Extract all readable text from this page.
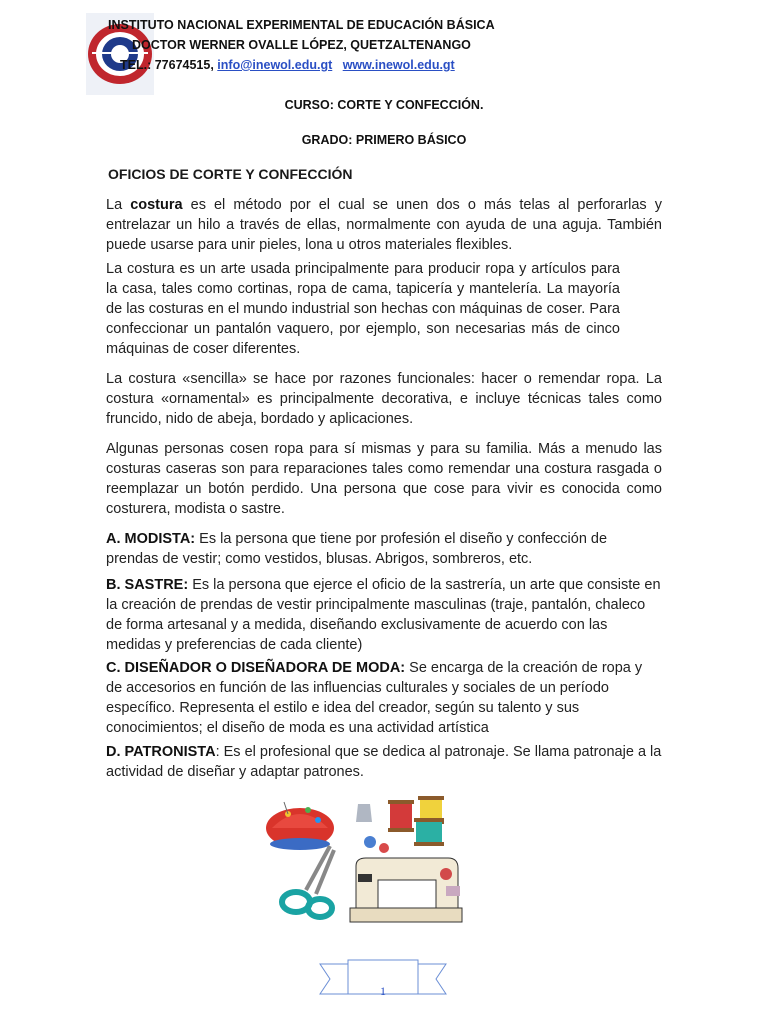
INSTITUTO NACIONAL EXPERIMENTAL DE EDUCACIÓN BÁSICA
DOCTOR WERNER OVALLE LÓPEZ, QUETZALTENANGO
TEL.: 77674515, info@inewol.edu.gt www.inewol.edu.gt
CURSO: CORTE Y CONFECCIÓN.
GRADO: PRIMERO BÁSICO
OFICIOS DE CORTE Y CONFECCIÓN

La costura es el método por el cual se unen dos o más telas al perforarlas y entrelazar un hilo a través de ellas, normalmente con ayuda de una aguja. También puede usarse para unir pieles, lona u otros materiales flexibles.

La costura es un arte usada principalmente para producir ropa y artículos para la casa, tales como cortinas, ropa de cama, tapicería y mantelería. La mayoría de las costuras en el mundo industrial son hechas con máquinas de coser. Para confeccionar un pantalón vaquero, por ejemplo, son necesarias más de cinco máquinas de coser diferentes.

La costura «sencilla» se hace por razones funcionales: hacer o remendar ropa. La costura «ornamental» es principalmente decorativa, e incluye técnicas tales como fruncido, nido de abeja, bordado y aplicaciones.

Algunas personas cosen ropa para sí mismas y para su familia. Más a menudo las costuras caseras son para reparaciones tales como remendar una costura rasgada o reemplazar un botón perdido. Una persona que cose para vivir es conocida como costurera, modista o sastre.

A. MODISTA: Es la persona que tiene por profesión el diseño y confección de prendas de vestir; como vestidos, blusas. Abrigos, sombreros, etc.

B. SASTRE: Es la persona que ejerce el oficio de la sastrería, un arte que consiste en la creación de prendas de vestir principalmente masculinas (traje, pantalón, chaleco de forma artesanal y a medida, diseñando exclusivamente de acuerdo con las medidas y preferencias de cada cliente)

C. DISEÑADOR O DISEÑADORA DE MODA: Se encarga de la creación de ropa y de accesorios en función de las influencias culturales y sociales de un período específico. Representa el estilo e idea del creador, según su talento y sus conocimientos; el diseño de moda es una actividad artística

D. PATRONISTA: Es el profesional que se dedica al patronaje. Se llama patronaje a la actividad de diseñar y adaptar patrones.

1
